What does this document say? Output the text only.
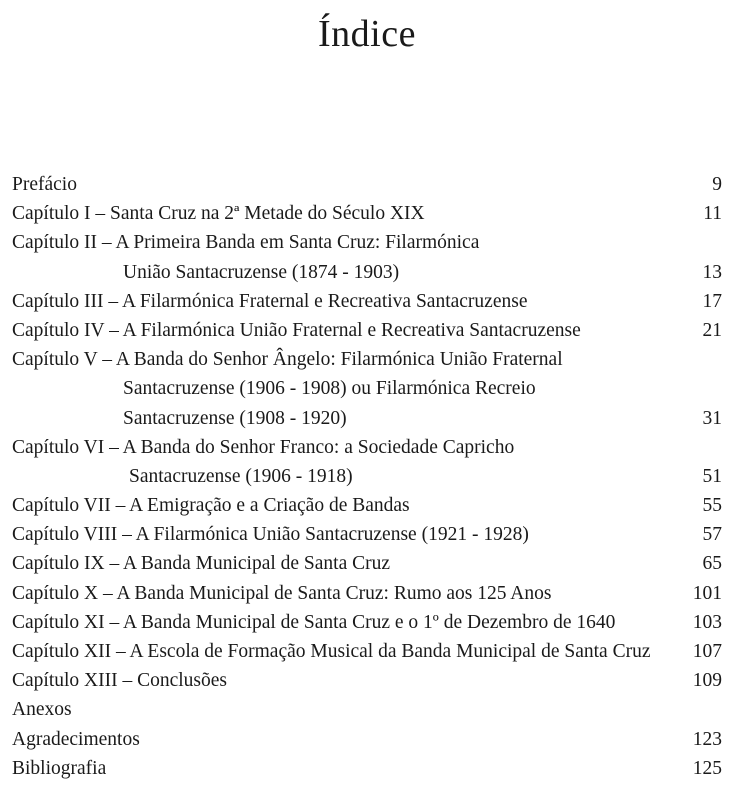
Índice
Prefácio	9
Capítulo I – Santa Cruz na 2ª Metade do Século XIX	11
Capítulo II – A Primeira Banda em Santa Cruz: Filarmónica
União Santacruzense (1874 - 1903)	13
Capítulo III – A Filarmónica Fraternal e Recreativa Santacruzense	17
Capítulo IV – A Filarmónica União Fraternal e Recreativa Santacruzense	21
Capítulo V – A Banda do Senhor Ângelo: Filarmónica União Fraternal
Santacruzense (1906 - 1908) ou Filarmónica Recreio
Santacruzense (1908 - 1920)	31
Capítulo VI – A Banda do Senhor Franco: a Sociedade Capricho
Santacruzense (1906 - 1918)	51
Capítulo VII – A Emigração e a Criação de Bandas	55
Capítulo VIII – A Filarmónica União Santacruzense (1921 - 1928)	57
Capítulo IX – A Banda Municipal de Santa Cruz	65
Capítulo X – A Banda Municipal de Santa Cruz: Rumo aos 125 Anos	101
Capítulo XI – A Banda Municipal de Santa Cruz e o 1º de Dezembro de 1640	103
Capítulo XII – A Escola de Formação Musical da Banda Municipal de Santa Cruz 107
Capítulo XIII – Conclusões	109
Anexos
Agradecimentos	123
Bibliografia	125
